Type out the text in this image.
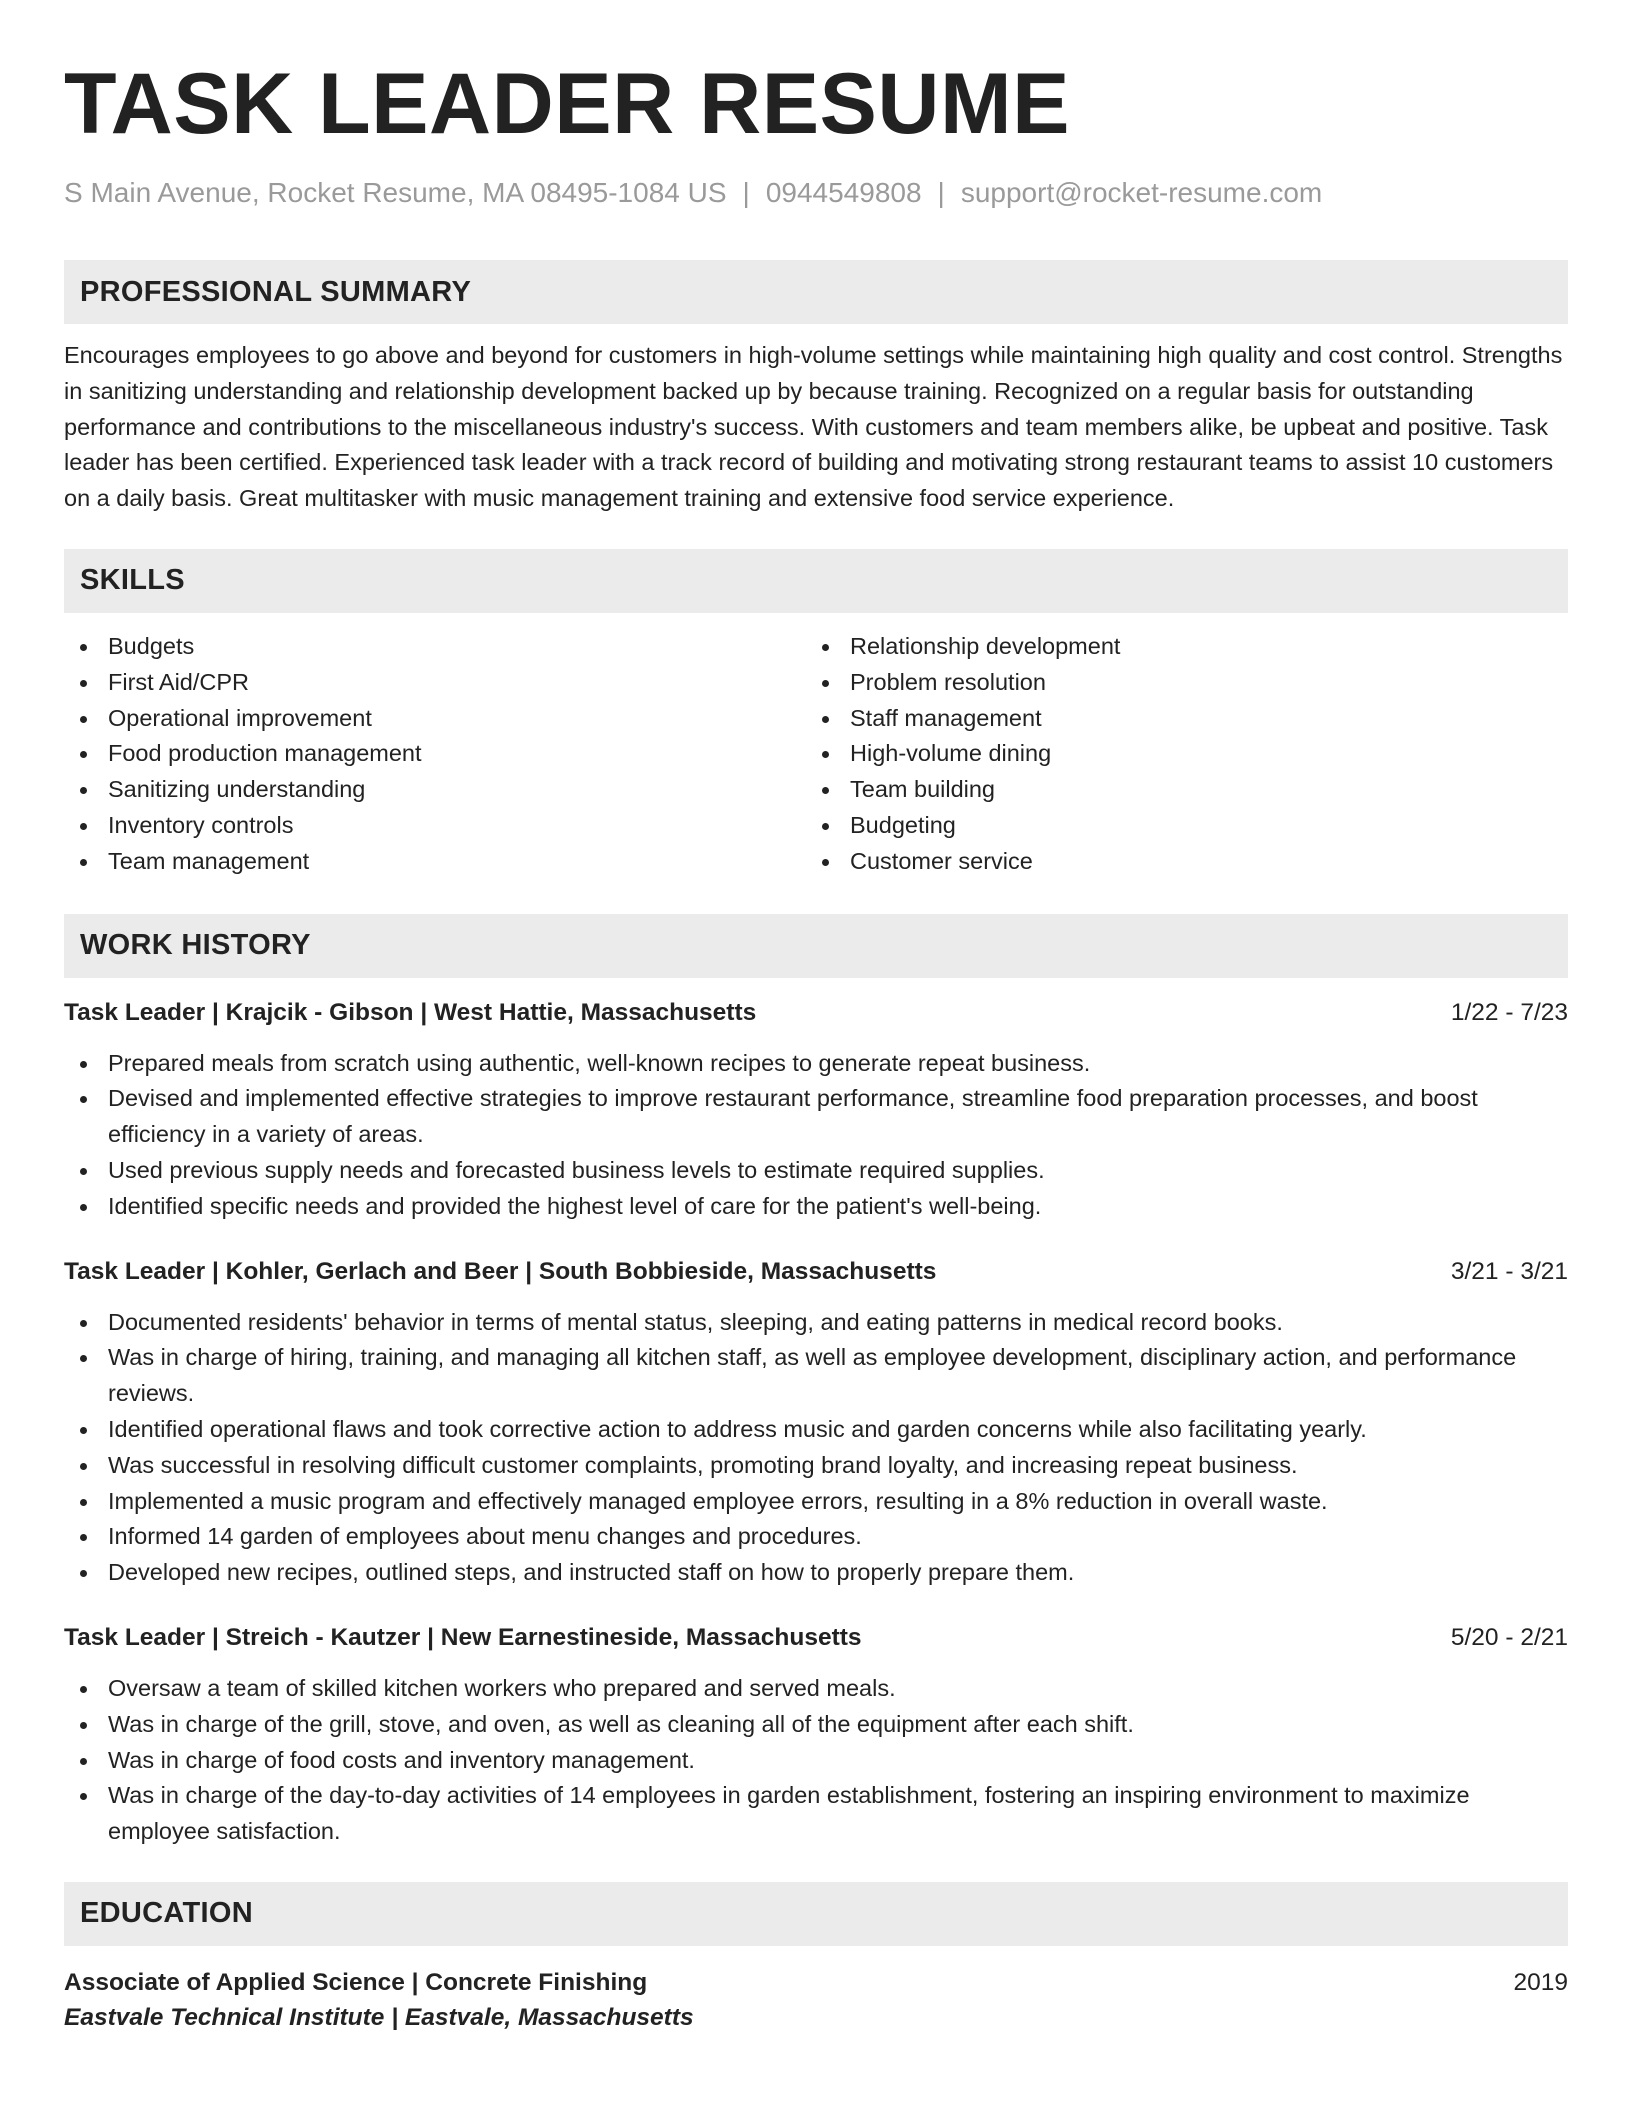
TASK LEADER RESUME
S Main Avenue, Rocket Resume, MA 08495-1084 US | 0944549808 | support@rocket-resume.com
PROFESSIONAL SUMMARY

Encourages employees to go above and beyond for customers in high-volume settings while maintaining high quality and cost control. Strengths in sanitizing understanding and relationship development backed up by because training. Recognized on a regular basis for outstanding performance and contributions to the miscellaneous industry's success. With customers and team members alike, be upbeat and positive. Task leader has been certified. Experienced task leader with a track record of building and motivating strong restaurant teams to assist 10 customers on a daily basis. Great multitasker with music management training and extensive food service experience.

SKILLS
Budgets
First Aid/CPR
Operational improvement
Food production management
Sanitizing understanding
Inventory controls
Team management
Relationship development
Problem resolution
Staff management
High-volume dining
Team building
Budgeting
Customer service
WORK HISTORY
Task Leader | Krajcik - Gibson | West Hattie, Massachusetts	1/22 - 7/23
Prepared meals from scratch using authentic, well-known recipes to generate repeat business.
Devised and implemented effective strategies to improve restaurant performance, streamline food preparation processes, and boost efficiency in a variety of areas.
Used previous supply needs and forecasted business levels to estimate required supplies.
Identified specific needs and provided the highest level of care for the patient's well-being.
Task Leader | Kohler, Gerlach and Beer | South Bobbieside, Massachusetts	3/21 - 3/21
Documented residents' behavior in terms of mental status, sleeping, and eating patterns in medical record books.
Was in charge of hiring, training, and managing all kitchen staff, as well as employee development, disciplinary action, and performance reviews.
Identified operational flaws and took corrective action to address music and garden concerns while also facilitating yearly.
Was successful in resolving difficult customer complaints, promoting brand loyalty, and increasing repeat business.
Implemented a music program and effectively managed employee errors, resulting in a 8% reduction in overall waste.
Informed 14 garden of employees about menu changes and procedures.
Developed new recipes, outlined steps, and instructed staff on how to properly prepare them.
Task Leader | Streich - Kautzer | New Earnestineside, Massachusetts	5/20 - 2/21
Oversaw a team of skilled kitchen workers who prepared and served meals.
Was in charge of the grill, stove, and oven, as well as cleaning all of the equipment after each shift.
Was in charge of food costs and inventory management.
Was in charge of the day-to-day activities of 14 employees in garden establishment, fostering an inspiring environment to maximize employee satisfaction.
EDUCATION
Associate of Applied Science | Concrete Finishing	2019
Eastvale Technical Institute | Eastvale, Massachusetts
